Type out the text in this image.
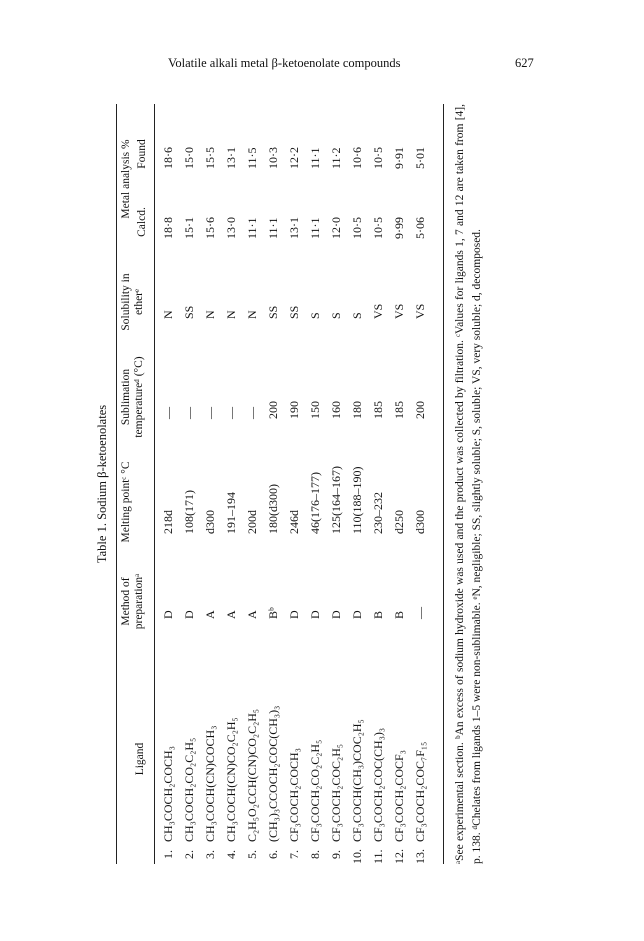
Volatile alkali metal β-ketoenolate compounds	627
Table 1. Sodium β-ketoenolates
Ligand
Method of preparationᵃ
Melting pointᶜ °C
Sublimation temperatureᵈ (°C)
Solubility in etherᵉ
Metal analysis %
Calcd.
Found
1.
CH₃COCH₂COCH₃
D
218d
—
N
18·8
18·6
2.
CH₃COCH₂CO₂C₂H₅
D
108(171)
—
SS
15·1
15·0
3.
CH₃COCH(CN)COCH₃
A
d300
—
N
15·6
15·5
4.
CH₃COCH(CN)CO₂C₂H₅
A
191–194
—
N
13·0
13·1
5.
C₂H₅O₂CCH(CN)CO₂C₂H₅
A
200d
—
N
11·1
11·5
6.
(CH₃)₃CCOCH₂COC(CH₃)₃
Bᵇ
180(d300)
200
SS
11·1
10·3
7.
CF₃COCH₂COCH₃
D
246d
190
SS
13·1
12·2
8.
CF₃COCH₂CO₂C₂H₅
D
46(176–177)
150
S
11·1
11·1
9.
CF₃COCH₂COC₂H₅
D
125(164–167)
160
S
12·0
11·2
10.
CF₃COCH(CH₃)COC₂H₅
D
110(188–190)
180
S
10·5
10·6
11.
CF₃COCH₂COC(CH₃)₃
B
230–232
185
VS
10·5
10·5
12.
CF₃COCH₂COCF₃
B
d250
185
VS
9·99
9·91
13.
CF₃COCH₂COC₇F₁₅
—
d300
200
VS
5·06
5·01 ᵃSee experimental section. ᵇAn excess of sodium hydroxide was used and the product was collected by filtration. ᶜValues for ligands 1, 7 and 12 are taken from [4], p. 138. ᵈChelates from ligands 1–5 were non-sublimable. ᵉN, negligible; SS, slightly soluble; S, soluble; VS, very soluble; d, decomposed.
